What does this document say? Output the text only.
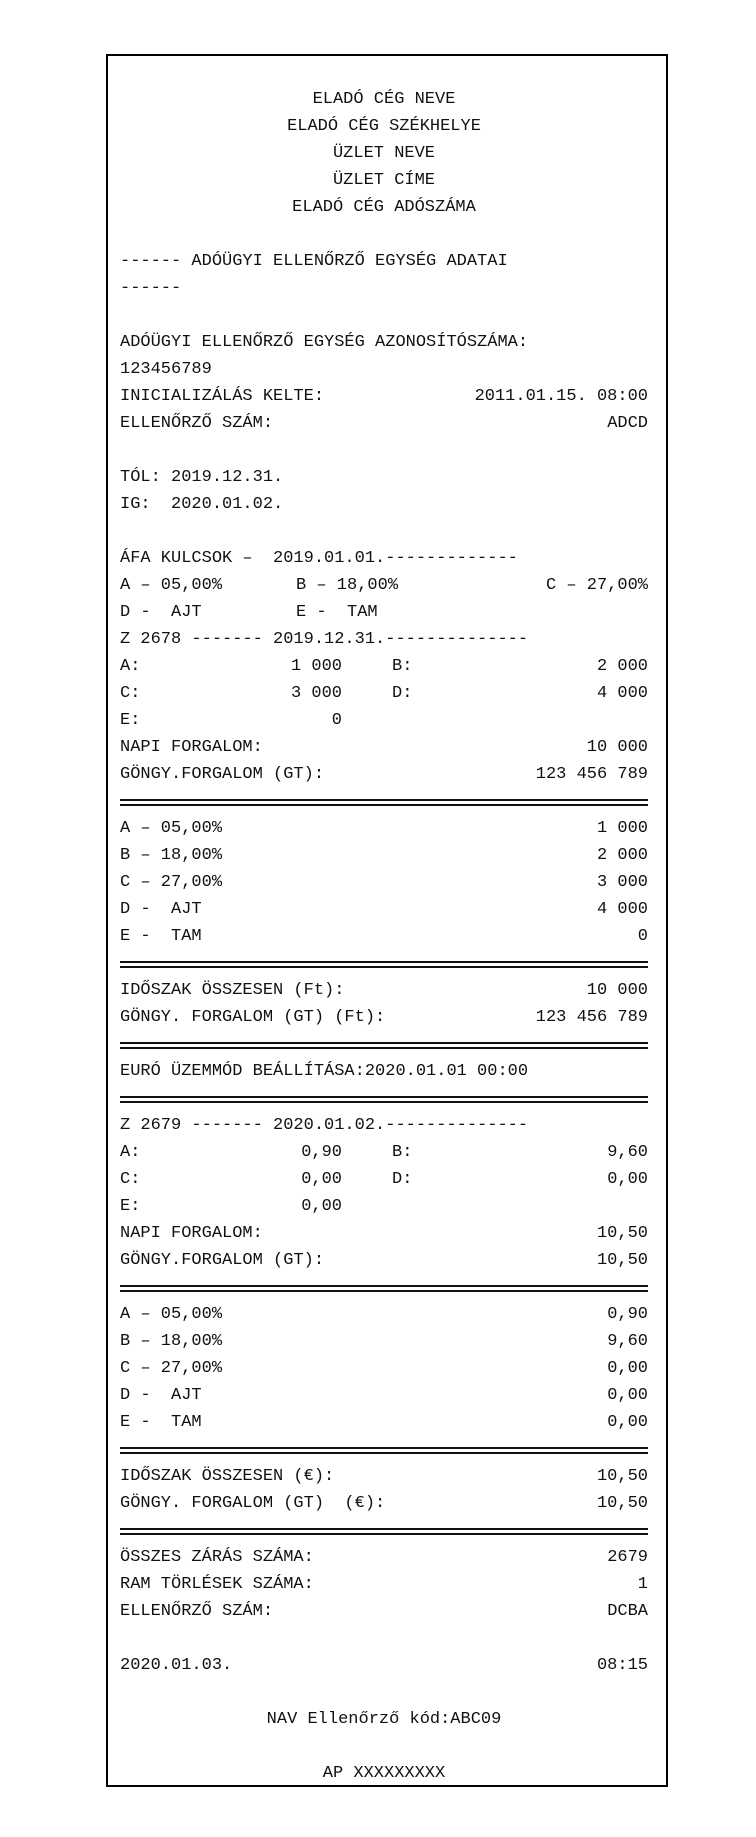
ELADÓ CÉG NEVE
ELADÓ CÉG SZÉKHELYE
ÜZLET NEVE
ÜZLET CÍME
ELADÓ CÉG ADÓSZÁMA
------ ADÓÜGYI ELLENŐRZŐ EGYSÉG ADATAI
------
ADÓÜGYI ELLENŐRZŐ EGYSÉG AZONOSÍTÓSZÁMA:
123456789
INICIALIZÁLÁS KELTE:	2011.01.15. 08:00
ELLENŐRZŐ SZÁM:	ADCD
TÓL: 2019.12.31.
IG:  2020.01.02.
ÁFA KULCSOK –  2019.01.01.-------------
A – 05,00%	B – 18,00%	C – 27,00%
D -  AJT	E -  TAM
Z 2678 ------- 2019.12.31.--------------
A:	1 000	B:	2 000
C:	3 000	D:	4 000
E:	0
NAPI FORGALOM:	10 000
GÖNGY.FORGALOM (GT):	123 456 789
A – 05,00%	1 000
B – 18,00%	2 000
C – 27,00%	3 000
D -  AJT	4 000
E -  TAM	0
IDŐSZAK ÖSSZESEN (Ft):	10 000
GÖNGY. FORGALOM (GT) (Ft):	123 456 789
EURÓ ÜZEMMÓD BEÁLLÍTÁSA:2020.01.01 00:00
Z 2679 ------- 2020.01.02.--------------
A:	0,90	B:	9,60
C:	0,00	D:	0,00
E:	0,00
NAPI FORGALOM:	10,50
GÖNGY.FORGALOM (GT):	10,50
A – 05,00%	0,90
B – 18,00%	9,60
C – 27,00%	0,00
D -  AJT	0,00
E -  TAM	0,00
IDŐSZAK ÖSSZESEN (€):	10,50
GÖNGY. FORGALOM (GT)  (€):	10,50
ÖSSZES ZÁRÁS SZÁMA:	2679
RAM TÖRLÉSEK SZÁMA:	1
ELLENŐRZŐ SZÁM:	DCBA
2020.01.03.	08:15
NAV Ellenőrző kód:ABC09
AP XXXXXXXXX
